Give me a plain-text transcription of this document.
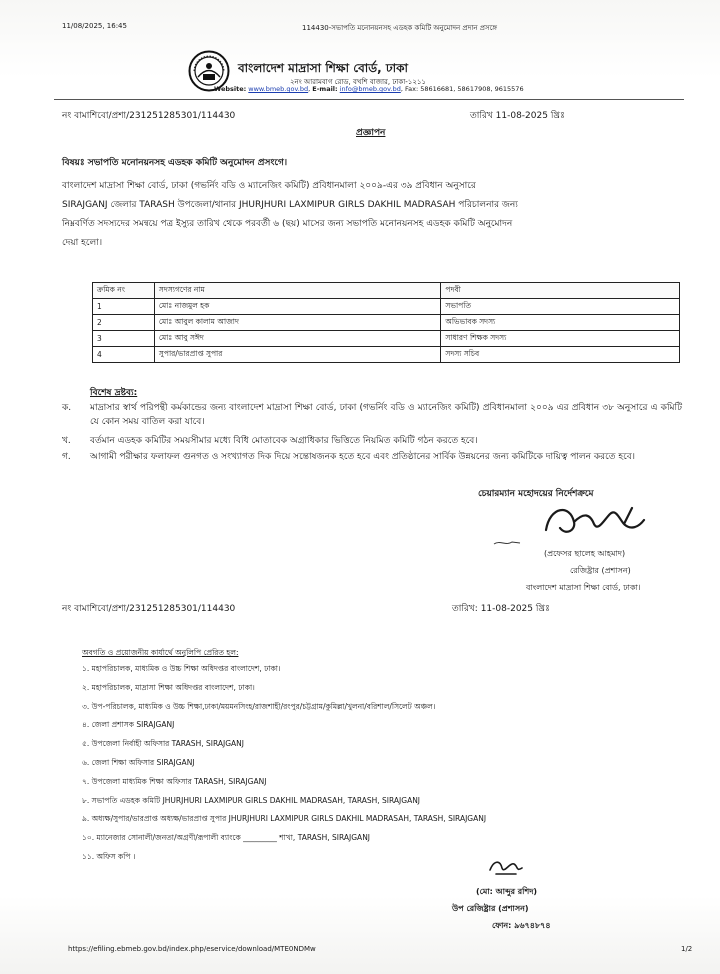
11/08/2025, 16:45	114430-সভাপতি মনোনয়নসহ এডহক কমিটি অনুমোদন প্রদান প্রসঙ্গে
বাংলাদেশ মাদ্রাসা শিক্ষা বোর্ড, ঢাকা
২নং আরামবাগ রোড, বখশি বাজার, ঢাকা-১২১১
Website: www.bmeb.gov.bd, E-mail: info@bmeb.gov.bd, Fax: 58616681, 58617908, 9615576
নং বামাশিবো/প্রশা/231251285301/114430	তারিখ 11-08-2025 খ্রিঃ
প্রজ্ঞাপন
বিষয়ঃ সভাপতি মনোনয়নসহ এডহক কমিটি অনুমোদন প্রসংগে।
বাংলাদেশ মাদ্রাসা শিক্ষা বোর্ড, ঢাকা (গভর্নিং বডি ও ম্যানেজিং কমিটি) প্রবিধানমালা ২০০৯-এর ৩৯ প্রবিধান অনুসারে
SIRAJGANJ জেলার TARASH উপজেলা/থানার JHURJHURI LAXMIPUR GIRLS DAKHIL MADRASAH পরিচালনার জন্য
নিম্নবর্ণিত সদস্যদের সমন্বয়ে পত্র ইস্যুর তারিখ থেকে পরবর্তী ৬ (ছয়) মাসের জন্য সভাপতি মনোনয়নসহ এডহক কমিটি অনুমোদন
দেয়া হলো।
ক্রমিক নং	সদস্যগণের নাম	পদবী
1	মোঃ নাজমুল হক	সভাপতি
2	মোঃ আবুল কালাম আজাদ	অভিভাবক সদস্য
3	মোঃ আবু সঈদ	সাধারণ শিক্ষক সদস্য
4	সুপার/ভারপ্রাপ্ত সুপার	সদস্য সচিব
বিশেষ দ্রষ্টব্য:
ক.	মাদ্রাসার স্বার্থ পরিপন্থী কর্মকান্ডের জন্য বাংলাদেশ মাদ্রাসা শিক্ষা বোর্ড, ঢাকা (গভর্নিং বডি ও ম্যানেজিং কমিটি) প্রবিধানমালা ২০০৯ এর প্রবিধান ৩৮ অনুসারে এ কমিটি যে কোন সময় বাতিল করা যাবে।
খ.	বর্তমান এডহক কমিটির সময়সীমার মধ্যে বিধি মোতাবেক অগ্রাধিকার ভিত্তিতে নিয়মিত কমিটি গঠন করতে হবে।
গ.	আগামী পরীক্ষার ফলাফল গুনগত ও সংখ্যাগত দিক দিয়ে সন্তোষজনক হতে হবে এবং প্রতিষ্ঠানের সার্বিক উন্নয়নের জন্য কমিটিকে দায়িত্ব পালন করতে হবে।
চেয়ারম্যান মহোদয়ের নির্দেশক্রমে
(প্রফেসর ছালেহ আহমাদ)
রেজিষ্ট্রার (প্রশাসন)
বাংলাদেশ মাদ্রাসা শিক্ষা বোর্ড, ঢাকা।
নং বামাশিবো/প্রশা/231251285301/114430	তারিখ: 11-08-2025 খ্রিঃ
অবগতি ও প্রয়োজনীয় কার্যার্থে অনুলিপি প্রেরিত হল:
১. মহাপরিচালক, মাধ্যমিক ও উচ্চ শিক্ষা অধিদপ্তর বাংলাদেশ, ঢাকা।
২. মহাপরিচালক, মাদ্রাসা শিক্ষা অধিদপ্তর বাংলাদেশ, ঢাকা।
৩. উপ-পরিচালক, মাধ্যমিক ও উচ্চ শিক্ষা,ঢাকা/ময়মনসিংহ/রাজশাহী/রংপুর/চট্টগ্রাম/কুমিল্লা/খুলনা/বরিশাল/সিলেট অঞ্চল।
৪. জেলা প্রশাসক SIRAJGANJ
৫. উপজেলা নির্বাহী অফিসার TARASH, SIRAJGANJ
৬. জেলা শিক্ষা অফিসার SIRAJGANJ
৭. উপজেলা মাধ্যমিক শিক্ষা অফিসার TARASH, SIRAJGANJ
৮. সভাপতি এডহক কমিটি JHURJHURI LAXMIPUR GIRLS DAKHIL MADRASAH, TARASH, SIRAJGANJ
৯. অধ্যক্ষ/সুপার/ভারপ্রাপ্ত অধ্যক্ষ/ভারপ্রাপ্ত সুপার JHURJHURI LAXMIPUR GIRLS DAKHIL MADRASAH, TARASH, SIRAJGANJ
১০. ম্যানেজার সোনালী/জনতা/অগ্রণী/রূপালী ব্যাংকে _________ শাখা, TARASH, SIRAJGANJ
১১. অফিস কপি ।
(মো: আব্দুর রশিদ)
উপ রেজিষ্ট্রার (প্রশাসন)
ফোন: ৯৬৭৪৮৭৪
https://efiling.ebmeb.gov.bd/index.php/eservice/download/MTE0NDMw	1/2
